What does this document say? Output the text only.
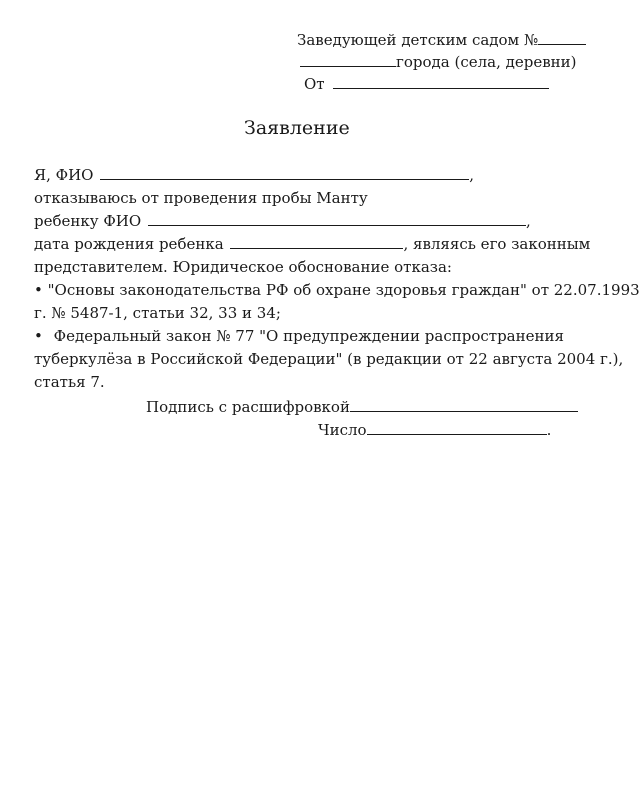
Заведующей детским садом №
города (села, деревни)
От
Заявление
Я, ФИО	,
отказываюсь от проведения пробы Манту
ребенку ФИО	,
дата рождения ребенка	, являясь его законным
представителем. Юридическое обоснование отказа:
• "Основы законодательства РФ об охране здоровья граждан" от 22.07.1993
г. № 5487-1, статьи 32, 33 и 34;
• Федеральный закон № 77 "О предупреждении распространения
туберкулёза в Российской Федерации" (в редакции от 22 августа 2004 г.),
статья 7.
Подпись с расшифровкой
Число	.
